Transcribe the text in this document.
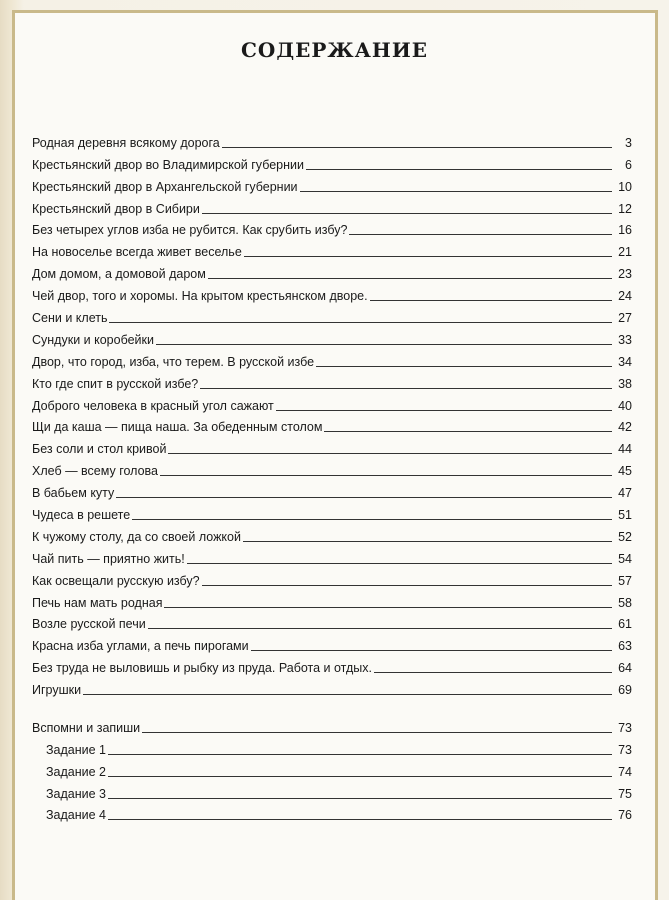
СОДЕРЖАНИЕ
Родная деревня всякому дорога	3
Крестьянский двор во Владимирской губернии	6
Крестьянский двор в Архангельской губернии	10
Крестьянский двор в Сибири	12
Без четырех углов изба не рубится. Как срубить избу?	16
На новоселье всегда живет веселье	21
Дом домом, а домовой даром	23
Чей двор, того и хоромы. На крытом крестьянском дворе.	24
Сени и клеть	27
Сундуки и коробейки	33
Двор, что город, изба, что терем. В русской избе	34
Кто где спит в русской избе?	38
Доброго человека в красный угол сажают	40
Щи да каша — пища наша. За обеденным столом	42
Без соли и стол кривой	44
Хлеб — всему голова	45
В бабьем куту	47
Чудеса в решете	51
К чужому столу, да со своей ложкой	52
Чай пить — приятно жить!	54
Как освещали русскую избу?	57
Печь нам мать родная	58
Возле русской печи	61
Красна изба углами, а печь пирогами	63
Без труда не выловишь и рыбку из пруда. Работа и отдых.	64
Игрушки	69
Вспомни и запиши	73
Задание 1	73
Задание 2	74
Задание 3	75
Задание 4	76
